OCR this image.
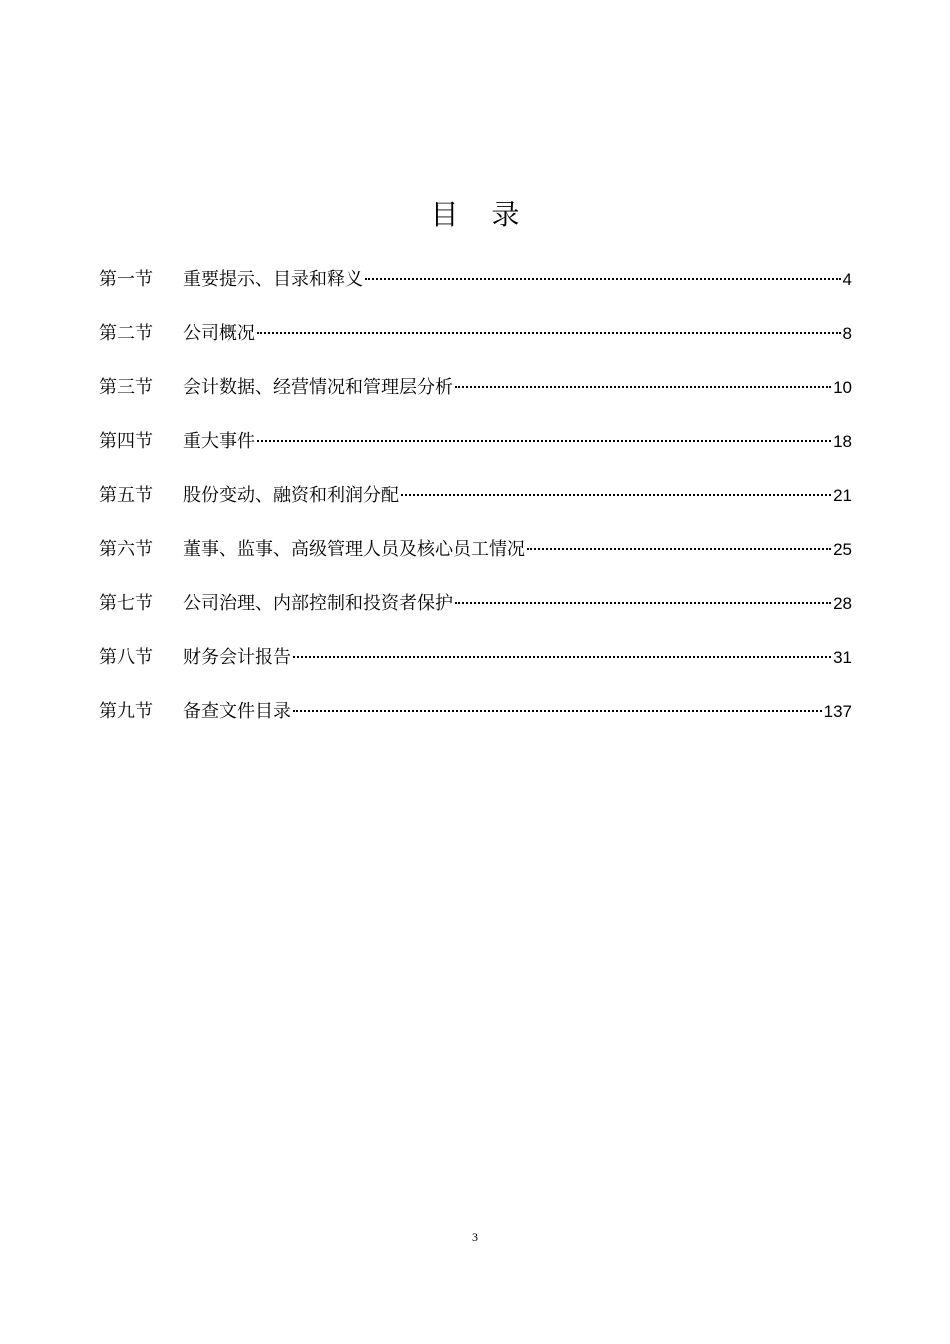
目 录
第一节	重要提示、目录和释义	4
第二节	公司概况	8
第三节	会计数据、经营情况和管理层分析	10
第四节	重大事件	18
第五节	股份变动、融资和利润分配	21
第六节	董事、监事、高级管理人员及核心员工情况	25
第七节	公司治理、内部控制和投资者保护	28
第八节	财务会计报告	31
第九节	备查文件目录	137
3
